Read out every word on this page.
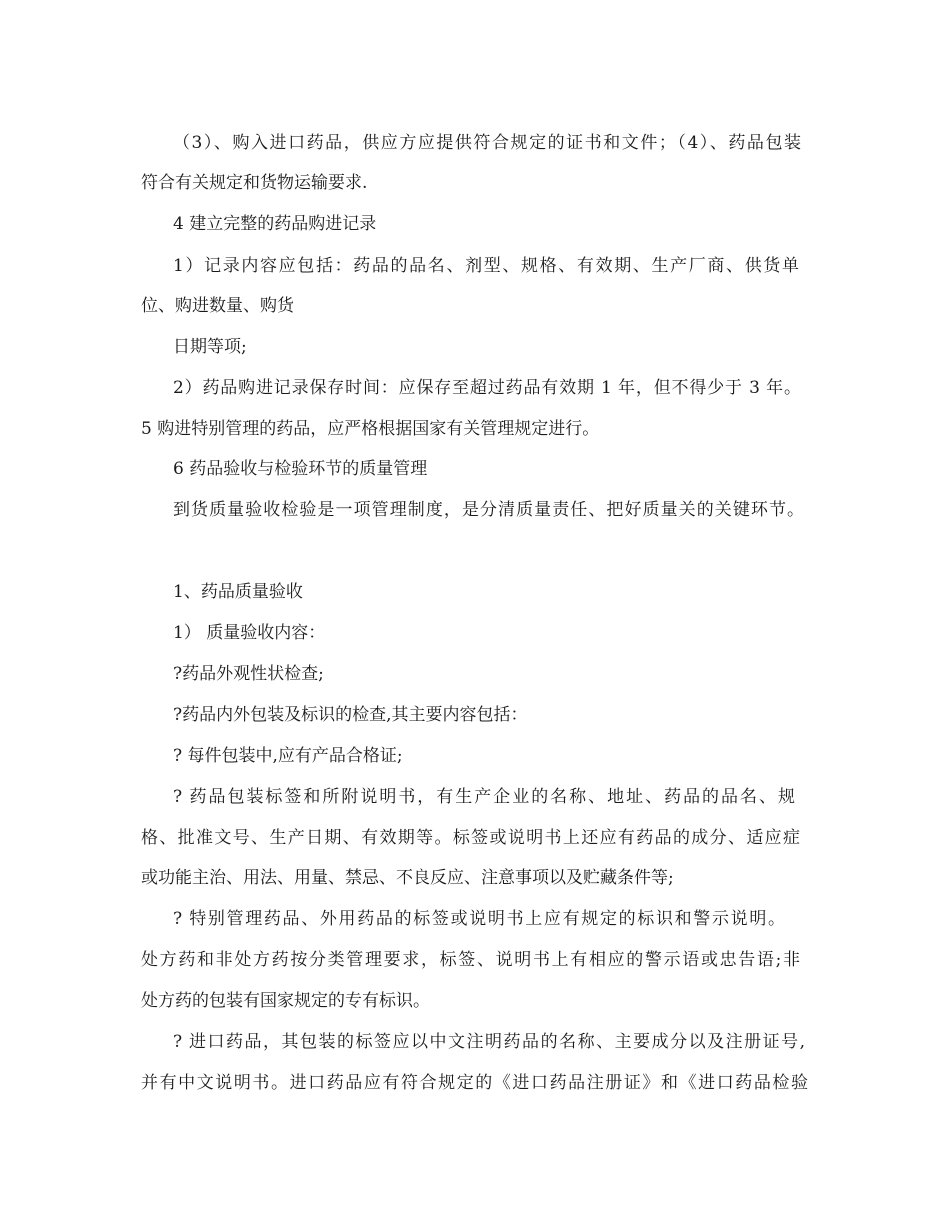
（3）、购入进口药品，供应方应提供符合规定的证书和文件；（4）、药品包装

符合有关规定和货物运输要求.

4 建立完整的药品购进记录

1）记录内容应包括：药品的品名、剂型、规格、有效期、生产厂商、供货单

位、购进数量、购货

日期等项;

2）药品购进记录保存时间：应保存至超过药品有效期 1 年，但不得少于 3 年。

5 购进特别管理的药品，应严格根据国家有关管理规定进行。

6 药品验收与检验环节的质量管理

到货质量验收检验是一项管理制度，是分清质量责任、把好质量关的关键环节。

1、药品质量验收

1） 质量验收内容：

?药品外观性状检查;

?药品内外包装及标识的检查,其主要内容包括：

? 每件包装中,应有产品合格证;

? 药品包装标签和所附说明书，有生产企业的名称、地址、药品的品名、规

格、批准文号、生产日期、有效期等。标签或说明书上还应有药品的成分、适应症

或功能主治、用法、用量、禁忌、不良反应、注意事项以及贮藏条件等;

? 特别管理药品、外用药品的标签或说明书上应有规定的标识和警示说明。

处方药和非处方药按分类管理要求，标签、说明书上有相应的警示语或忠告语;非

处方药的包装有国家规定的专有标识。

? 进口药品，其包装的标签应以中文注明药品的名称、主要成分以及注册证号,

并有中文说明书。进口药品应有符合规定的《进口药品注册证》和《进口药品检验
